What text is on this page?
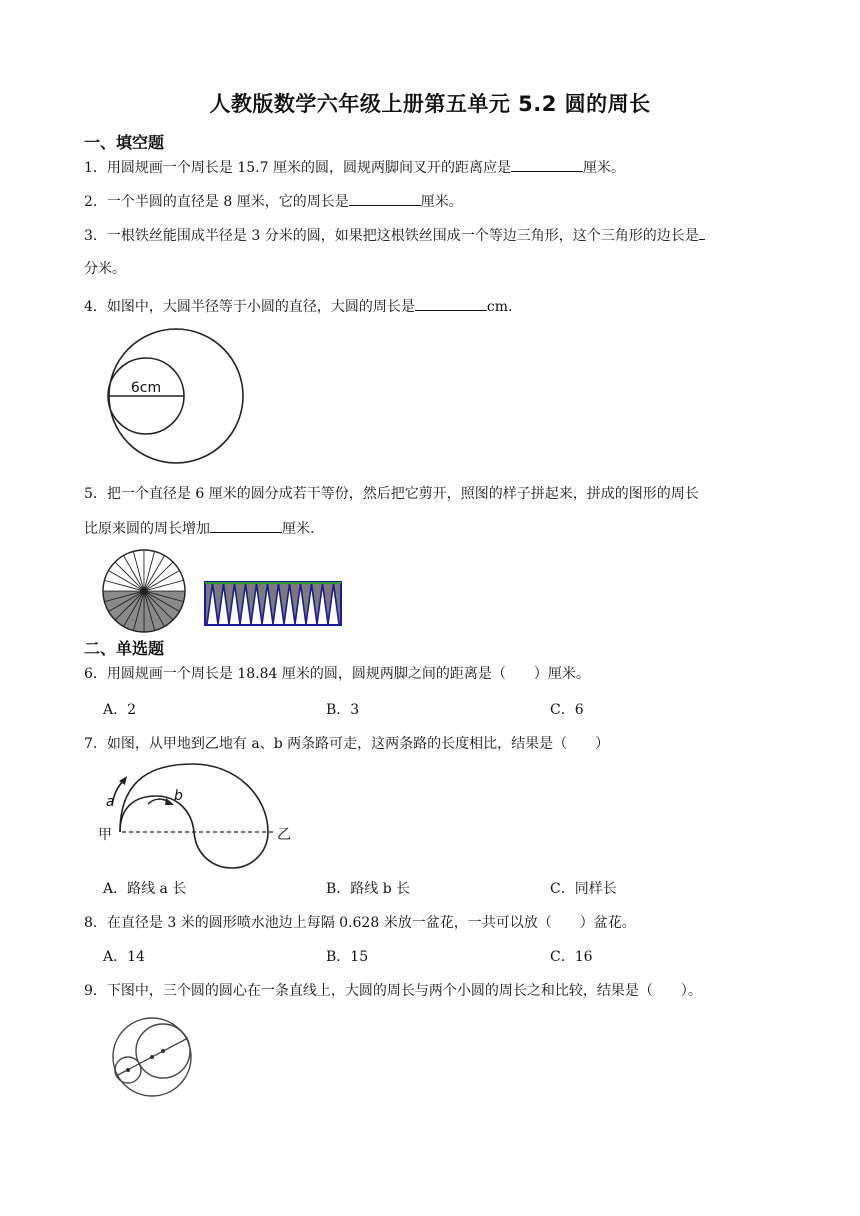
人教版数学六年级上册第五单元 5.2 圆的周长
一、填空题
1．用圆规画一个周长是 15.7 厘米的圆，圆规两脚间叉开的距离应是	厘米。
2．一个半圆的直径是 8 厘米，它的周长是	厘米。
3．一根铁丝能围成半径是 3 分米的圆，如果把这根铁丝围成一个等边三角形，这个三角形的边长是
分米。
4．如图中，大圆半径等于小圆的直径，大圆的周长是	cm.
6cm
5．把一个直径是 6 厘米的圆分成若干等份，然后把它剪开，照图的样子拼起来，拼成的图形的周长
比原来圆的周长增加	厘米.
二、单选题
6．用圆规画一个周长是 18.84 厘米的圆，圆规两脚之间的距离是（　　）厘米。
A．2	B．3	C．6
7．如图，从甲地到乙地有 a、b 两条路可走，这两条路的长度相比，结果是（　　）
a	b
甲	乙
A．路线 a 长	B．路线 b 长	C．同样长
8．在直径是 3 米的圆形喷水池边上每隔 0.628 米放一盆花，一共可以放（　　）盆花。
A．14	B．15	C．16
9．下图中，三个圆的圆心在一条直线上，大圆的周长与两个小圆的周长之和比较，结果是（　　）。
